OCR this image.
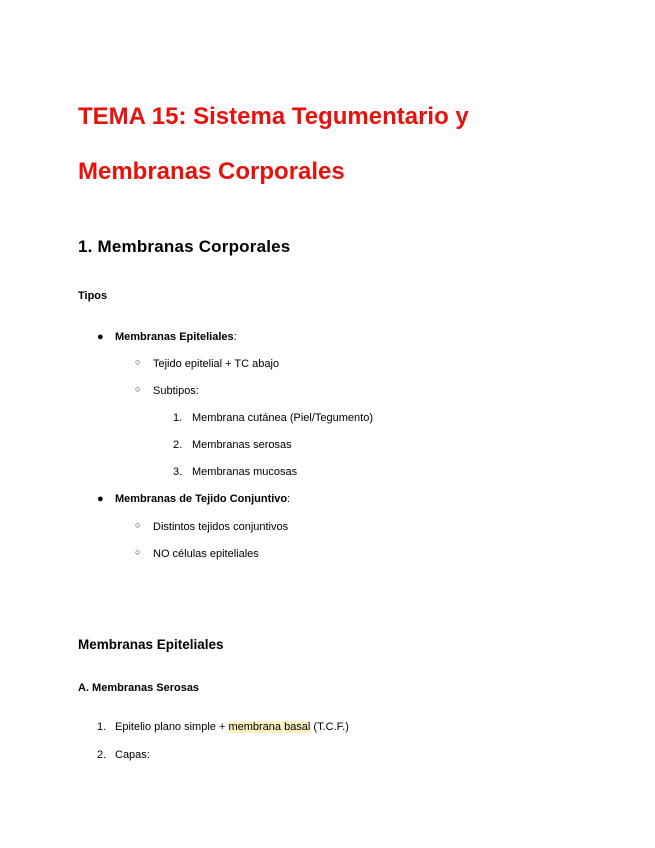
TEMA 15: Sistema Tegumentario y
Membranas Corporales
1. Membranas Corporales
Tipos
● Membranas Epiteliales:
○ Tejido epitelial + TC abajo
○ Subtipos:
1. Membrana cutánea (Piel/Tegumento)
2. Membranas serosas
3. Membranas mucosas
● Membranas de Tejido Conjuntivo:
○ Distintos tejidos conjuntivos
○ NO células epiteliales
Membranas Epiteliales
A. Membranas Serosas
1. Epitelio plano simple + membrana basal (T.C.F.)
2. Capas:
